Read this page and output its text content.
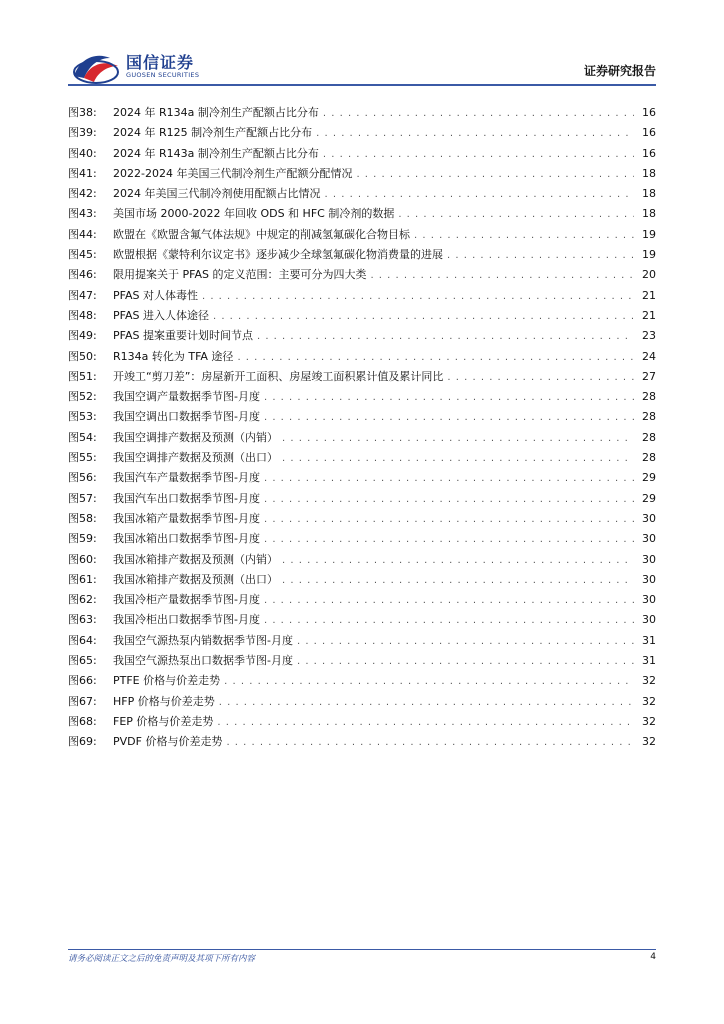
国信证券
GUOSEN SECURITIES	证券研究报告
图38:	2024 年 R134a 制冷剂生产配额占比分布 . . .	16
图39:	2024 年 R125 制冷剂生产配额占比分布 . . .	16
图40:	2024 年 R143a 制冷剂生产配额占比分布 . . .	16
图41:	2022-2024 年美国三代制冷剂生产配额分配情况 . . .	18
图42:	2024 年美国三代制冷剂使用配额占比情况 . . .	18
图43:	美国市场 2000-2022 年回收 ODS 和 HFC 制冷剂的数据 . . .	18
图44:	欧盟在《欧盟含氟气体法规》中规定的削减氢氟碳化合物目标 . . .	19
图45:	欧盟根据《蒙特利尔议定书》逐步减少全球氢氟碳化物消费量的进展 . . .	19
图46:	限用提案关于 PFAS 的定义范围：主要可分为四大类 . . .	20
图47:	PFAS 对人体毒性 . . .	21
图48:	PFAS 进入人体途径 . . .	21
图49:	PFAS 提案重要计划时间节点 . . .	23
图50:	R134a 转化为 TFA 途径 . . .	24
图51:	开竣工“剪刀差”：房屋新开工面积、房屋竣工面积累计值及累计同比 . . .	27
图52:	我国空调产量数据季节图-月度 . . .	28
图53:	我国空调出口数据季节图-月度 . . .	28
图54:	我国空调排产数据及预测（内销） . . .	28
图55:	我国空调排产数据及预测（出口） . . .	28
图56:	我国汽车产量数据季节图-月度 . . .	29
图57:	我国汽车出口数据季节图-月度 . . .	29
图58:	我国冰箱产量数据季节图-月度 . . .	30
图59:	我国冰箱出口数据季节图-月度 . . .	30
图60:	我国冰箱排产数据及预测（内销） . . .	30
图61:	我国冰箱排产数据及预测（出口） . . .	30
图62:	我国冷柜产量数据季节图-月度 . . .	30
图63:	我国冷柜出口数据季节图-月度 . . .	30
图64:	我国空气源热泵内销数据季节图-月度 . . .	31
图65:	我国空气源热泵出口数据季节图-月度 . . .	31
图66:	PTFE 价格与价差走势 . . .	32
图67:	HFP 价格与价差走势 . . .	32
图68:	FEP 价格与价差走势 . . .	32
图69:	PVDF 价格与价差走势 . . .	32
请务必阅读正文之后的免责声明及其项下所有内容	4
